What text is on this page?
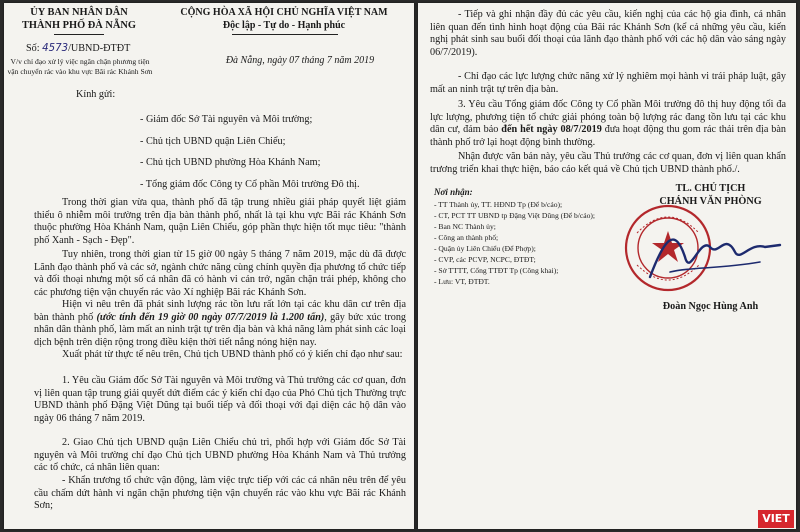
ỦY BAN NHÂN DÂN
THÀNH PHỐ ĐÀ NẴNG
CỘNG HÒA XÃ HỘI CHỦ NGHĨA VIỆT NAM
Độc lập - Tự do - Hạnh phúc
Số: 4573/UBND-ĐTĐT
V/v chỉ đạo xử lý việc ngăn chặn phương tiện vận chuyển rác vào khu vực Bãi rác Khánh Sơn
Đà Nẵng, ngày 07 tháng 7 năm 2019
Kính gửi:
- Giám đốc Sở Tài nguyên và Môi trường;
- Chủ tịch UBND quận Liên Chiểu;
- Chủ tịch UBND phường Hòa Khánh Nam;
- Tổng giám đốc Công ty Cổ phần Môi trường Đô thị.
Trong thời gian vừa qua, thành phố đã tập trung nhiều giải pháp quyết liệt giảm thiểu ô nhiễm môi trường trên địa bàn thành phố, nhất là tại khu vực Bãi rác Khánh Sơn thuộc phường Hòa Khánh Nam, quận Liên Chiểu, góp phần thực hiện tốt mục tiêu: "thành phố Xanh - Sạch - Đẹp".
Tuy nhiên, trong thời gian từ 15 giờ 00 ngày 5 tháng 7 năm 2019, mặc dù đã được Lãnh đạo thành phố và các sở, ngành chức năng cùng chính quyền địa phương tổ chức tiếp và đối thoại nhưng một số cá nhân đã có hành vi cản trở, ngăn chặn trái phép, không cho các phương tiện vận chuyển rác vào Xí nghiệp Bãi rác Khánh Sơn.
Hiện vì nêu trên đã phát sinh lượng rác tồn lưu rất lớn tại các khu dân cư trên địa bàn thành phố (ước tính đến 19 giờ 00 ngày 07/7/2019 là 1.200 tấn), gây bức xúc trong nhân dân thành phố, làm mất an ninh trật tự trên địa bàn và khả năng làm phát sinh các loại dịch bệnh trên diện rộng trong điều kiện thời tiết nắng nóng hiện nay.
Xuất phát từ thực tế nêu trên, Chủ tịch UBND thành phố có ý kiến chỉ đạo như sau:
1. Yêu cầu Giám đốc Sở Tài nguyên và Môi trường và Thủ trưởng các cơ quan, đơn vị liên quan tập trung giải quyết dứt điểm các ý kiến chỉ đạo của Phó Chủ tịch Thường trực UBND thành phố Đặng Việt Dũng tại buổi tiếp và đối thoại với đại diện các hộ dân vào ngày 06 tháng 7 năm 2019.
2. Giao Chủ tịch UBND quận Liên Chiểu chủ trì, phối hợp với Giám đốc Sở Tài nguyên và Môi trường chỉ đạo Chủ tịch UBND phường Hòa Khánh Nam và Thủ trưởng các tổ chức, cá nhân liên quan:
- Khẩn trương tổ chức vận động, làm việc trực tiếp với các cá nhân nêu trên để yêu cầu chấm dứt hành vi ngăn chặn phương tiện vận chuyển rác vào khu vực Bãi rác Khánh Sơn;
- Tiếp và ghi nhận đầy đủ các yêu cầu, kiến nghị của các hộ gia đình, cá nhân liên quan đến tình hình hoạt động của Bãi rác Khánh Sơn (kể cả những yêu cầu, kiến nghị phát sinh sau buổi đối thoại của lãnh đạo thành phố với các hộ dân vào sáng ngày 06/7/2019).
- Chỉ đạo các lực lượng chức năng xử lý nghiêm mọi hành vi trái pháp luật, gây mất an ninh trật tự trên địa bàn.
3. Yêu cầu Tổng giám đốc Công ty Cổ phần Môi trường đô thị huy động tối đa lực lượng, phương tiện tổ chức giải phóng toàn bộ lượng rác đang tồn lưu tại các khu dân cư, đảm bảo đến hết ngày 08/7/2019 đưa hoạt động thu gom rác thải trên địa bàn thành phố trở lại hoạt động bình thường.
Nhận được văn bản này, yêu cầu Thủ trưởng các cơ quan, đơn vị liên quan khẩn trương triển khai thực hiện, báo cáo kết quả về Chủ tịch UBND thành phố./.
Nơi nhận:
- TT Thành ủy, TT. HĐND Tp (Để b/cáo);
- CT, PCT TT UBND tp Đặng Việt Dũng (Để b/cáo);
- Ban NC Thành ủy;
- Công an thành phố;
- Quận ủy Liên Chiểu (Để Phợp);
- CVP, các PCVP, NCPC, ĐTĐT;
- Sở TTTT, Cổng TTĐT Tp (Công khai);
- Lưu: VT, ĐTĐT.
TL. CHỦ TỊCH
CHÁNH VĂN PHÒNG
Đoàn Ngọc Hùng Anh
VIET
